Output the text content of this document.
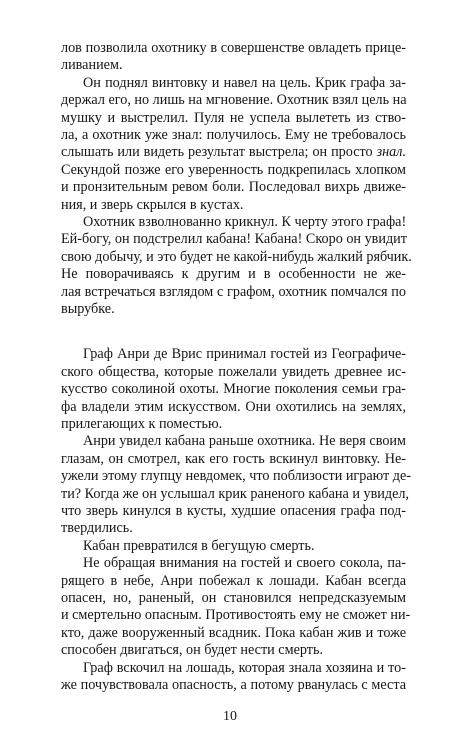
лов позволила охотнику в совершенстве овладеть прице-
ливанием.
Он поднял винтовку и навел на цель. Крик графа за-
держал его, но лишь на мгновение. Охотник взял цель на
мушку и выстрелил. Пуля не успела вылететь из ство-
ла, а охотник уже знал: получилось. Ему не требовалось
слышать или видеть результат выстрела; он просто знал.
Секундой позже его уверенность подкрепилась хлопком
и пронзительным ревом боли. Последовал вихрь движе-
ния, и зверь скрылся в кустах.
Охотник взволнованно крикнул. К черту этого графа!
Ей-богу, он подстрелил кабана! Кабана! Скоро он увидит
свою добычу, и это будет не какой-нибудь жалкий рябчик.
Не поворачиваясь к другим и в особенности не же-
лая встречаться взглядом с графом, охотник помчался по
вырубке.
Граф Анри де Врис принимал гостей из Географиче-
ского общества, которые пожелали увидеть древнее ис-
кусство соколиной охоты. Многие поколения семьи гра-
фа владели этим искусством. Они охотились на землях,
прилегающих к поместью.
Анри увидел кабана раньше охотника. Не веря своим
глазам, он смотрел, как его гость вскинул винтовку. Не-
ужели этому глупцу невдомек, что поблизости играют де-
ти? Когда же он услышал крик раненого кабана и увидел,
что зверь кинулся в кусты, худшие опасения графа под-
твердились.
Кабан превратился в бегущую смерть.
Не обращая внимания на гостей и своего сокола, па-
рящего в небе, Анри побежал к лошади. Кабан всегда
опасен, но, раненый, он становился непредсказуемым
и смертельно опасным. Противостоять ему не сможет ни-
кто, даже вооруженный всадник. Пока кабан жив и тоже
способен двигаться, он будет нести смерть.
Граф вскочил на лошадь, которая знала хозяина и то-
же почувствовала опасность, а потому рванулась с места
10
